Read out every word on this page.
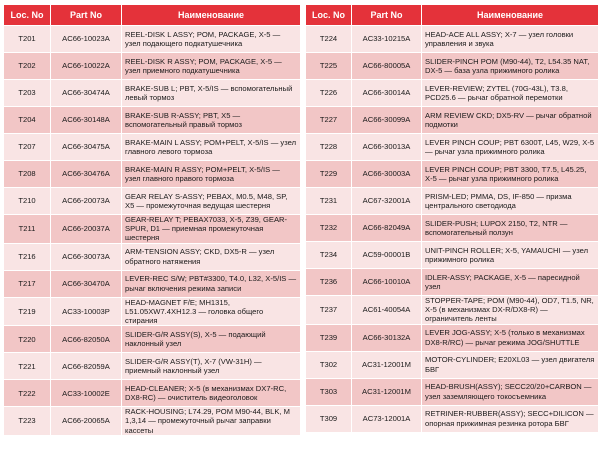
Loc. No	Part No	Наименование
T201	AC66-10023A	REEL-DISK L ASSY; POM, PACKAGE, X-5 — узел подающего подкатушечника
T202	AC66-10022A	REEL-DISK R ASSY; POM, PACKAGE, X-5 — узел приемного подкатушечника
T203	AC66-30474A	BRAKE-SUB L; PBT, X-5/IS — вспомогательный левый тормоз
T204	AC66-30148A	BRAKE-SUB R-ASSY; PBT, X5 — вспомогательный правый тормоз
T207	AC66-30475A	BRAKE-MAIN L ASSY; POM+PELT, X-5/IS — узел главного левого тормоза
T208	AC66-30476A	BRAKE-MAIN R ASSY; POM+PELT, X-5/IS — узел главного правого тормоза
T210	AC66-20073A	GEAR RELAY S-ASSY; PEBAX, M0.5, M48, SP, X5 — промежуточная ведущая шестерня
T211	AC66-20037A	GEAR-RELAY T; PEBAX7033, X-5, Z39, GEAR-SPUR, D1 — приемная промежуточная шестерня
T216	AC66-30073A	ARM-TENSION ASSY; CKD, DX5-R — узел обратного натяжения
T217	AC66-30470A	LEVER-REC S/W; PBT#3300, T4.0, L32, X-5/IS — рычаг включения режима записи
T219	AC33-10003P	HEAD-MAGNET F/E; MH1315, L51.05XW7.4XH12.3 — головка общего стирания
T220	AC66-82050A	SLIDER-G/R ASSY(S), X-5 — подающий наклонный узел
T221	AC66-82059A	SLIDER-G/R ASSY(T), X-7 (VW-31H) — приемный наклонный узел
T222	AC33-10002E	HEAD-CLEANER; X-5 (в механизмах DX7-RC, DX8-RC) — очиститель видеоголовок
T223	AC66-20065A	RACK-HOUSING; L74.29, POM M90-44, BLK, M 1,3,14 — промежуточный рычаг заправки кассеты
Loc. No	Part No	Наименование
T224	AC33-10215A	HEAD-ACE ALL ASSY; X-7 — узел головки управления и звука
T225	AC66-80005A	SLIDER-PINCH POM (M90-44), T2, L54.35 NAT, DX-5 — база узла прижимного ролика
T226	AC66-30014A	LEVER-REVIEW; ZYTEL (70G-43L), T3.8, PCD25.6 — рычаг обратной перемотки
T227	AC66-30099A	ARM REVIEW CKD; DX5-RV — рычаг обратной подмотки
T228	AC66-30013A	LEVER PINCH COUP; PBT 6300T, L45, W29, X-5 — рычаг узла прижимного ролика
T229	AC66-30003A	LEVER PINCH COUP; PBT 3300, T7.5, L45.25, X-5 — рычаг узла прижимного ролика
T231	AC67-32001A	PRISM-LED; PMMA, DS, IF-850 — призма центрального светодиода
T232	AC66-82049A	SLIDER-PUSH; LUPOX 2150, T2, NTR — вспомогательный ползун
T234	AC59-00001B	UNIT-PINCH ROLLER; X-5, YAMAUCHI — узел прижимного ролика
T236	AC66-10010A	IDLER-ASSY; PACKAGE, X-5 — паресидной узел
T237	AC61-40054A	STOPPER-TAPE; POM (M90-44), OD7, T1.5, NR, X-5 (в механизмах DX-R/DX8-R) — ограничитель ленты
T239	AC66-30132A	LEVER JOG-ASSY; X-5 (только в механизмах DX8-R/RC) — рычаг режима JOG/SHUTTLE
T302	AC31-12001M	MOTOR-CYLINDER; E20XL03 — узел двигателя БВГ
T303	AC31-12001M	HEAD-BRUSH(ASSY); SECC20/20+CARBON — узел заземляющего токосъемника
T309	AC73-12001A	RETRINER-RUBBER(ASSY); SECC+DILICON — опорная прижимная резинка ротора БВГ
